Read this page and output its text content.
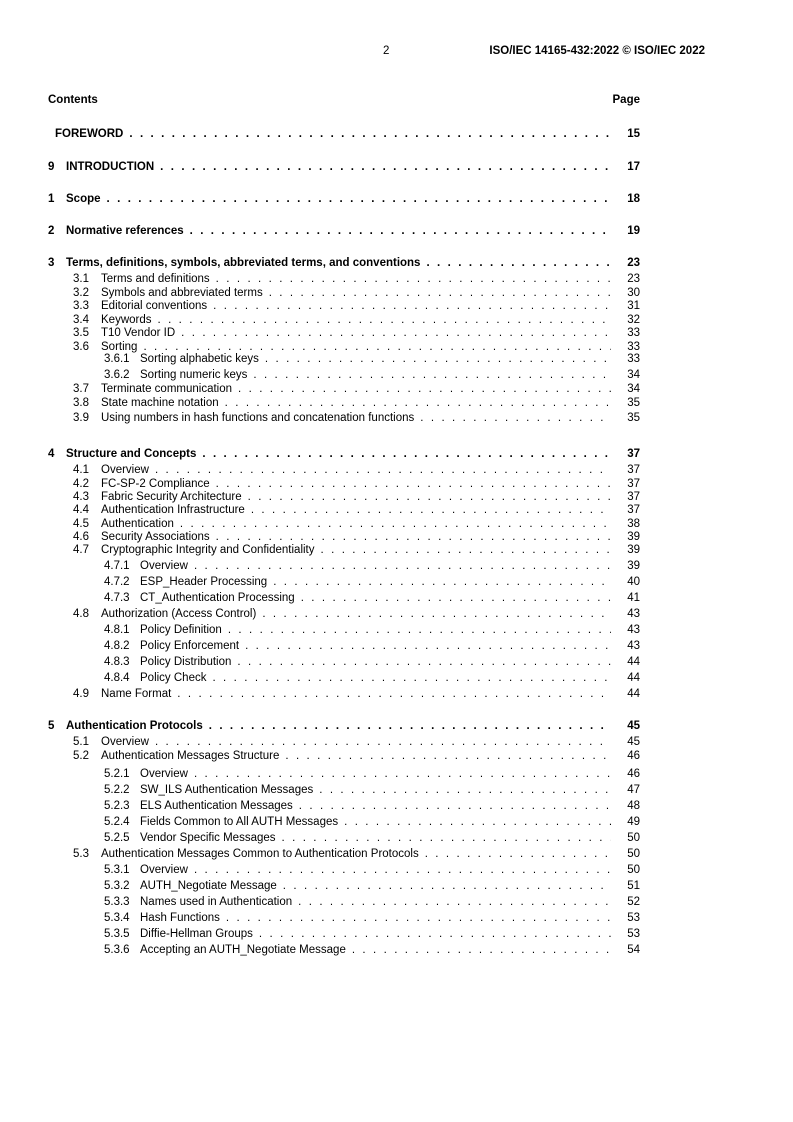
2	ISO/IEC 14165-432:2022 © ISO/IEC 2022
Contents	Page
FOREWORD . . .	15
9 INTRODUCTION . . .	17
1 Scope . . .	18
2 Normative references . . .	19
3 Terms, definitions, symbols, abbreviated terms, and conventions . . .	23
3.1 Terms and definitions . . .	23
3.2 Symbols and abbreviated terms . . .	30
3.3 Editorial conventions . . .	31
3.4 Keywords . . .	32
3.5 T10 Vendor ID . . .	33
3.6 Sorting . . .	33
3.6.1 Sorting alphabetic keys . . .	33
3.6.2 Sorting numeric keys . . .	34
3.7 Terminate communication . . .	34
3.8 State machine notation . . .	35
3.9 Using numbers in hash functions and concatenation functions . . .	35
4 Structure and Concepts . . .	37
4.1 Overview . . .	37
4.2 FC-SP-2 Compliance . . .	37
4.3 Fabric Security Architecture . . .	37
4.4 Authentication Infrastructure . . .	37
4.5 Authentication . . .	38
4.6 Security Associations . . .	39
4.7 Cryptographic Integrity and Confidentiality . . .	39
4.7.1 Overview . . .	39
4.7.2 ESP_Header Processing . . .	40
4.7.3 CT_Authentication Processing . . .	41
4.8 Authorization (Access Control) . . .	43
4.8.1 Policy Definition . . .	43
4.8.2 Policy Enforcement . . .	43
4.8.3 Policy Distribution . . .	44
4.8.4 Policy Check . . .	44
4.9 Name Format . . .	44
5 Authentication Protocols . . .	45
5.1 Overview . . .	45
5.2 Authentication Messages Structure . . .	46
5.2.1 Overview . . .	46
5.2.2 SW_ILS Authentication Messages . . .	47
5.2.3 ELS Authentication Messages . . .	48
5.2.4 Fields Common to All AUTH Messages . . .	49
5.2.5 Vendor Specific Messages . . .	50
5.3 Authentication Messages Common to Authentication Protocols . . .	50
5.3.1 Overview . . .	50
5.3.2 AUTH_Negotiate Message . . .	51
5.3.3 Names used in Authentication . . .	52
5.3.4 Hash Functions . . .	53
5.3.5 Diffie-Hellman Groups . . .	53
5.3.6 Accepting an AUTH_Negotiate Message . . .	54
